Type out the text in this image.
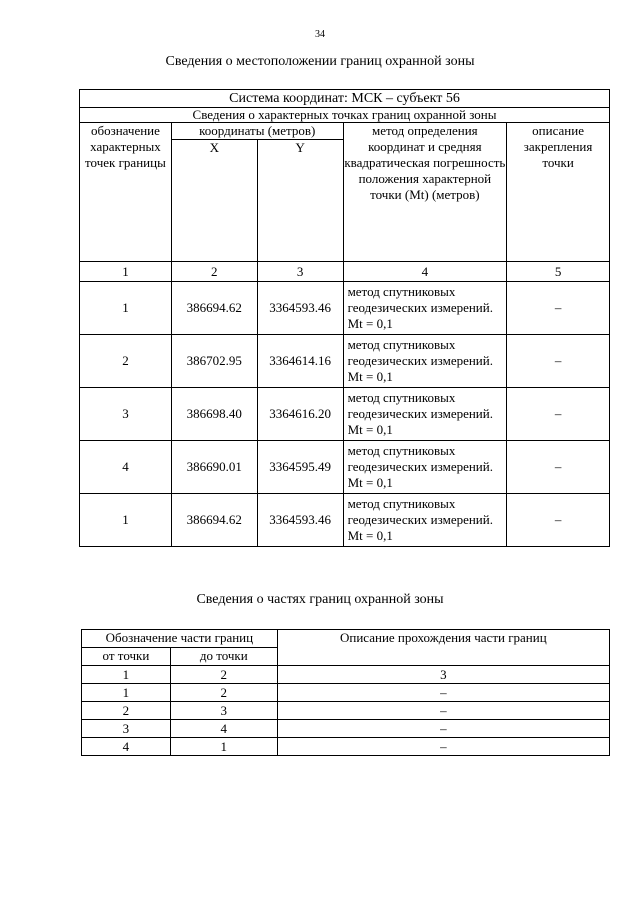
34
Сведения о местоположении границ охранной зоны
Система координат: МСК – субъект 56				
Сведения о характерных точках границ охранной зоны				
обозначение характерных точек границы	координаты (метров)		метод определения координат и средняя квадратическая погрешность положения характерной точки (Mt) (метров)	описание закрепления точки
	X	Y		
1	2	3	4	5
1	386694.62	3364593.46	метод спутниковых геодезических измерений. Mt = 0,1	–
2	386702.95	3364614.16	метод спутниковых геодезических измерений. Mt = 0,1	–
3	386698.40	3364616.20	метод спутниковых геодезических измерений. Mt = 0,1	–
4	386690.01	3364595.49	метод спутниковых геодезических измерений. Mt = 0,1	–
1	386694.62	3364593.46	метод спутниковых геодезических измерений. Mt = 0,1	–
Сведения о частях границ охранной зоны
Обозначение части границ		Описание прохождения части границ
от точки	до точки	
1	2	3
1	2	–
2	3	–
3	4	–
4	1	–
